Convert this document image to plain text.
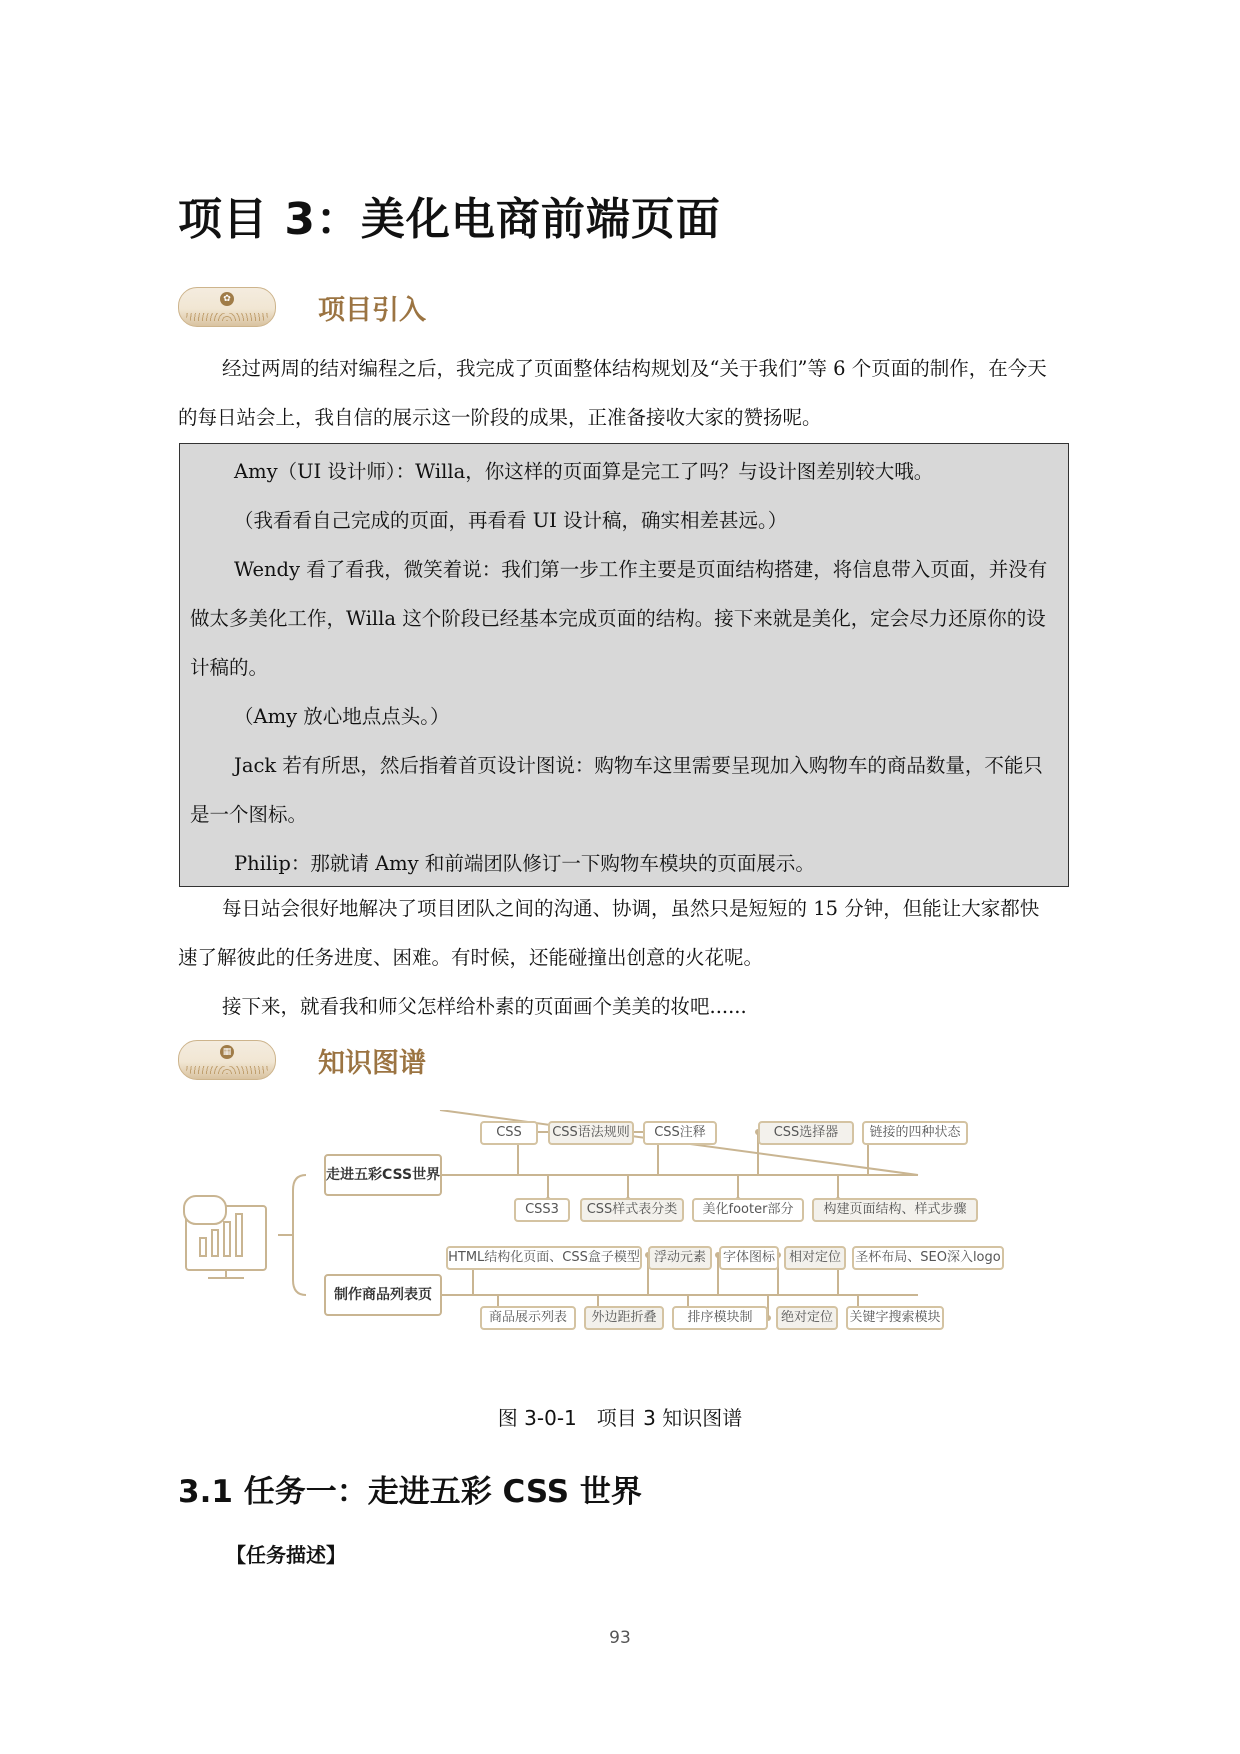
项目 3：美化电商前端页面
✿	项目引入

经过两周的结对编程之后，我完成了页面整体结构规划及“关于我们”等 6 个页面的制作，在今天的每日站会上，我自信的展示这一阶段的成果，正准备接收大家的赞扬呢。

Amy（UI 设计师）：Willa，你这样的页面算是完工了吗？与设计图差别较大哦。

（我看看自己完成的页面，再看看 UI 设计稿，确实相差甚远。）

Wendy 看了看我，微笑着说：我们第一步工作主要是页面结构搭建，将信息带入页面，并没有做太多美化工作，Willa 这个阶段已经基本完成页面的结构。接下来就是美化，定会尽力还原你的设计稿的。

（Amy 放心地点点头。）

Jack 若有所思，然后指着首页设计图说：购物车这里需要呈现加入购物车的商品数量，不能只是一个图标。

Philip：那就请 Amy 和前端团队修订一下购物车模块的页面展示。

每日站会很好地解决了项目团队之间的沟通、协调，虽然只是短短的 15 分钟，但能让大家都快速了解彼此的任务进度、困难。有时候，还能碰撞出创意的火花呢。

接下来，就看我和师父怎样给朴素的页面画个美美的妆吧......

▦	知识图谱
走进五彩CSS世界
制作商品列表页
CSS	CSS语法规则	CSS注释	CSS选择器	链接的四种状态
CSS3	CSS样式表分类	美化footer部分	构建页面结构、样式步骤
HTML结构化页面、CSS盒子模型	浮动元素	字体图标	相对定位	圣杯布局、SEO深入logo
商品展示列表	外边距折叠	排序模块制	绝对定位	关键字搜索模块
图 3-0-1　项目 3 知识图谱
3.1 任务一：走进五彩 CSS 世界
【任务描述】
93
